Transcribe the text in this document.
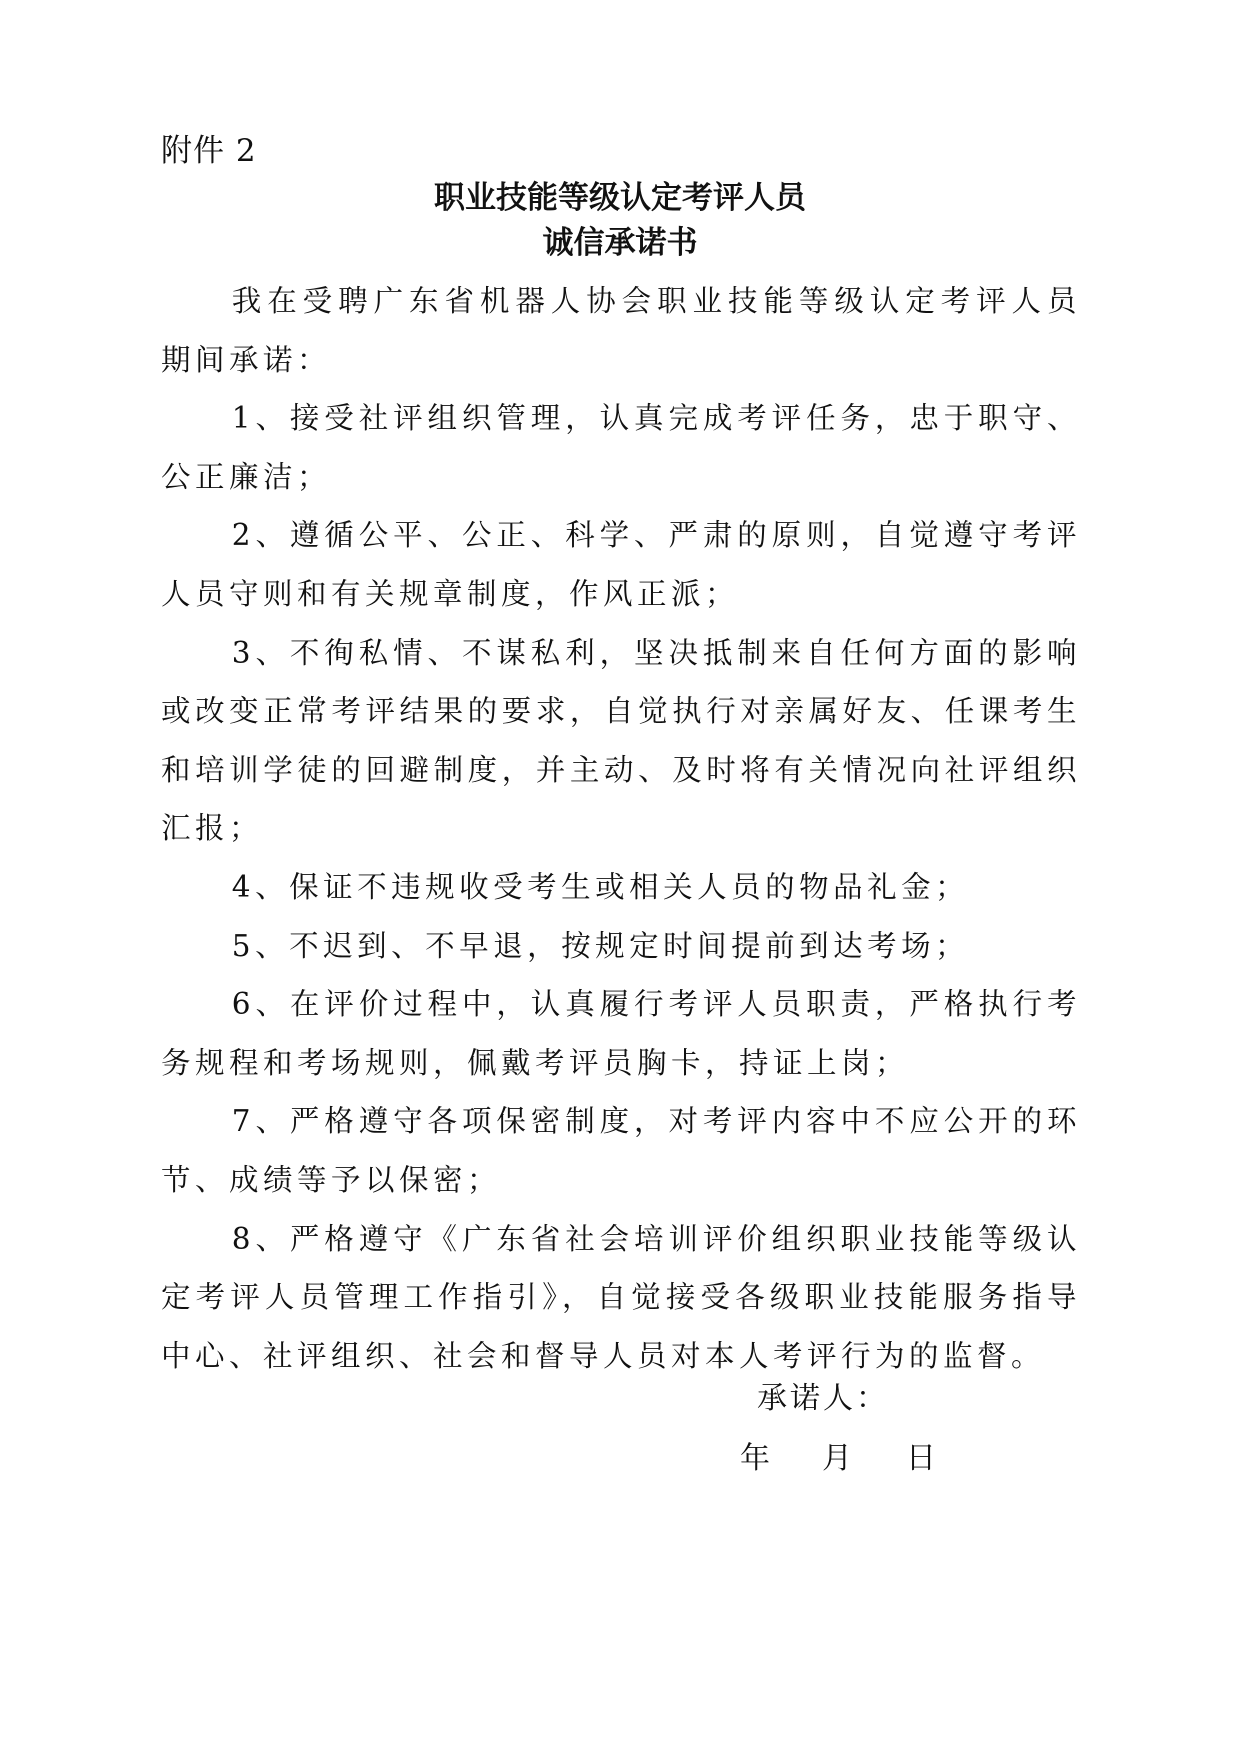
附件 2
职业技能等级认定考评人员
诚信承诺书

我在受聘广东省机器人协会职业技能等级认定考评人员期间承诺：

1、接受社评组织管理，认真完成考评任务，忠于职守、公正廉洁；

2、遵循公平、公正、科学、严肃的原则，自觉遵守考评人员守则和有关规章制度，作风正派；

3、不徇私情、不谋私利，坚决抵制来自任何方面的影响或改变正常考评结果的要求，自觉执行对亲属好友、任课考生和培训学徒的回避制度，并主动、及时将有关情况向社评组织汇报；

4、保证不违规收受考生或相关人员的物品礼金；

5、不迟到、不早退，按规定时间提前到达考场；

6、在评价过程中，认真履行考评人员职责，严格执行考务规程和考场规则，佩戴考评员胸卡，持证上岗；

7、严格遵守各项保密制度，对考评内容中不应公开的环节、成绩等予以保密；

8、严格遵守《广东省社会培训评价组织职业技能等级认定考评人员管理工作指引》，自觉接受各级职业技能服务指导中心、社评组织、社会和督导人员对本人考评行为的监督。

承诺人：
年 月 日
